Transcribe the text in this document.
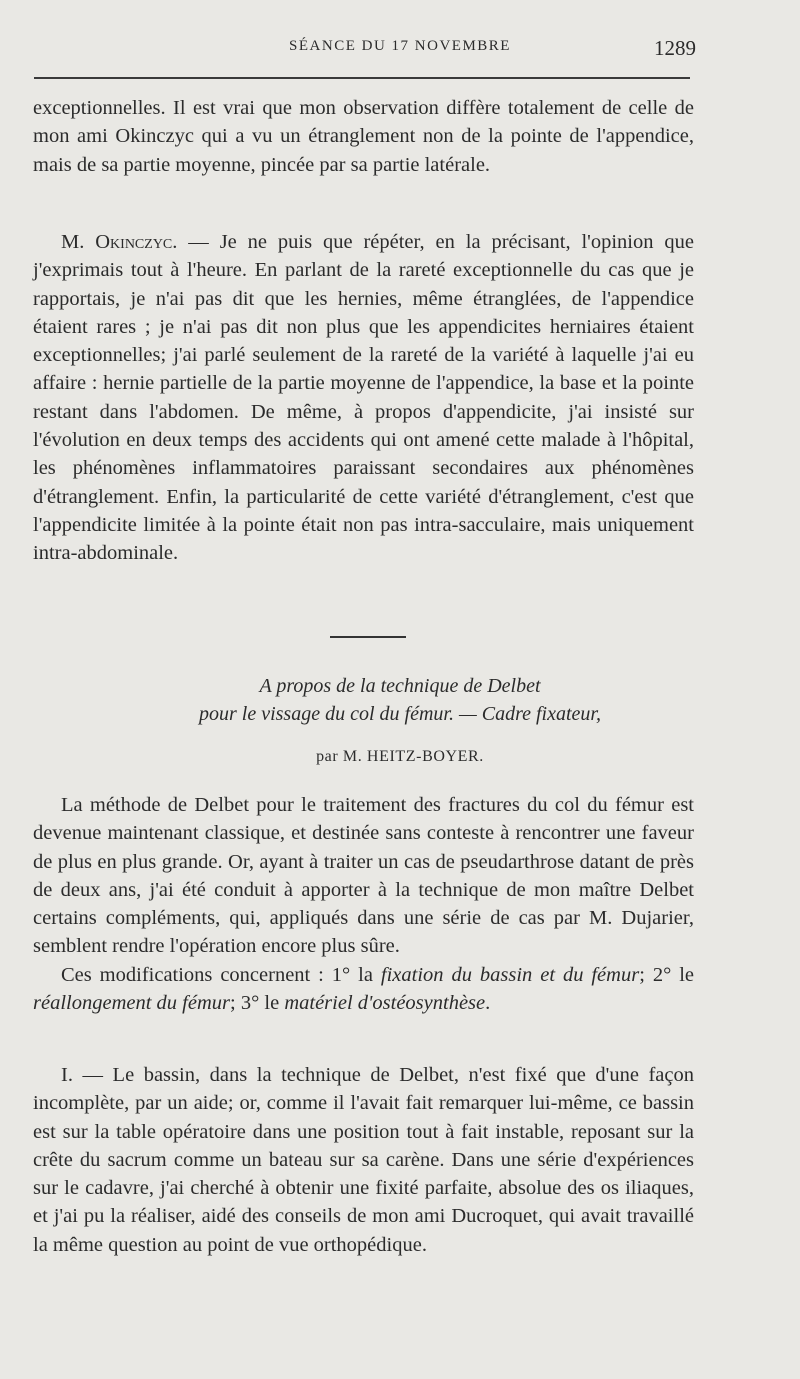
SÉANCE DU 17 NOVEMBRE	1289

exceptionnelles. Il est vrai que mon observation diffère totalement de celle de mon ami Okinczyc qui a vu un étranglement non de la pointe de l'appendice, mais de sa partie moyenne, pincée par sa partie latérale.

M. Okinczyc. — Je ne puis que répéter, en la précisant, l'opinion que j'exprimais tout à l'heure. En parlant de la rareté exceptionnelle du cas que je rapportais, je n'ai pas dit que les hernies, même étranglées, de l'appendice étaient rares ; je n'ai pas dit non plus que les appendicites herniaires étaient exceptionnelles; j'ai parlé seulement de la rareté de la variété à laquelle j'ai eu affaire : hernie partielle de la partie moyenne de l'appendice, la base et la pointe restant dans l'abdomen. De même, à propos d'appendicite, j'ai insisté sur l'évolution en deux temps des accidents qui ont amené cette malade à l'hôpital, les phénomènes inflammatoires paraissant secondaires aux phénomènes d'étranglement. Enfin, la particularité de cette variété d'étranglement, c'est que l'appendicite limitée à la pointe était non pas intra-sacculaire, mais uniquement intra-abdominale.

A propos de la technique de Delbet
pour le vissage du col du fémur. — Cadre fixateur,
par M. HEITZ-BOYER.

La méthode de Delbet pour le traitement des fractures du col du fémur est devenue maintenant classique, et destinée sans conteste à rencontrer une faveur de plus en plus grande. Or, ayant à traiter un cas de pseudarthrose datant de près de deux ans, j'ai été conduit à apporter à la technique de mon maître Delbet certains compléments, qui, appliqués dans une série de cas par M. Dujarier, semblent rendre l'opération encore plus sûre.

Ces modifications concernent : 1° la fixation du bassin et du fémur; 2° le réallongement du fémur; 3° le matériel d'ostéosynthèse.

I. — Le bassin, dans la technique de Delbet, n'est fixé que d'une façon incomplète, par un aide; or, comme il l'avait fait remarquer lui-même, ce bassin est sur la table opératoire dans une position tout à fait instable, reposant sur la crête du sacrum comme un bateau sur sa carène. Dans une série d'expériences sur le cadavre, j'ai cherché à obtenir une fixité parfaite, absolue des os iliaques, et j'ai pu la réaliser, aidé des conseils de mon ami Ducroquet, qui avait travaillé la même question au point de vue orthopédique.
